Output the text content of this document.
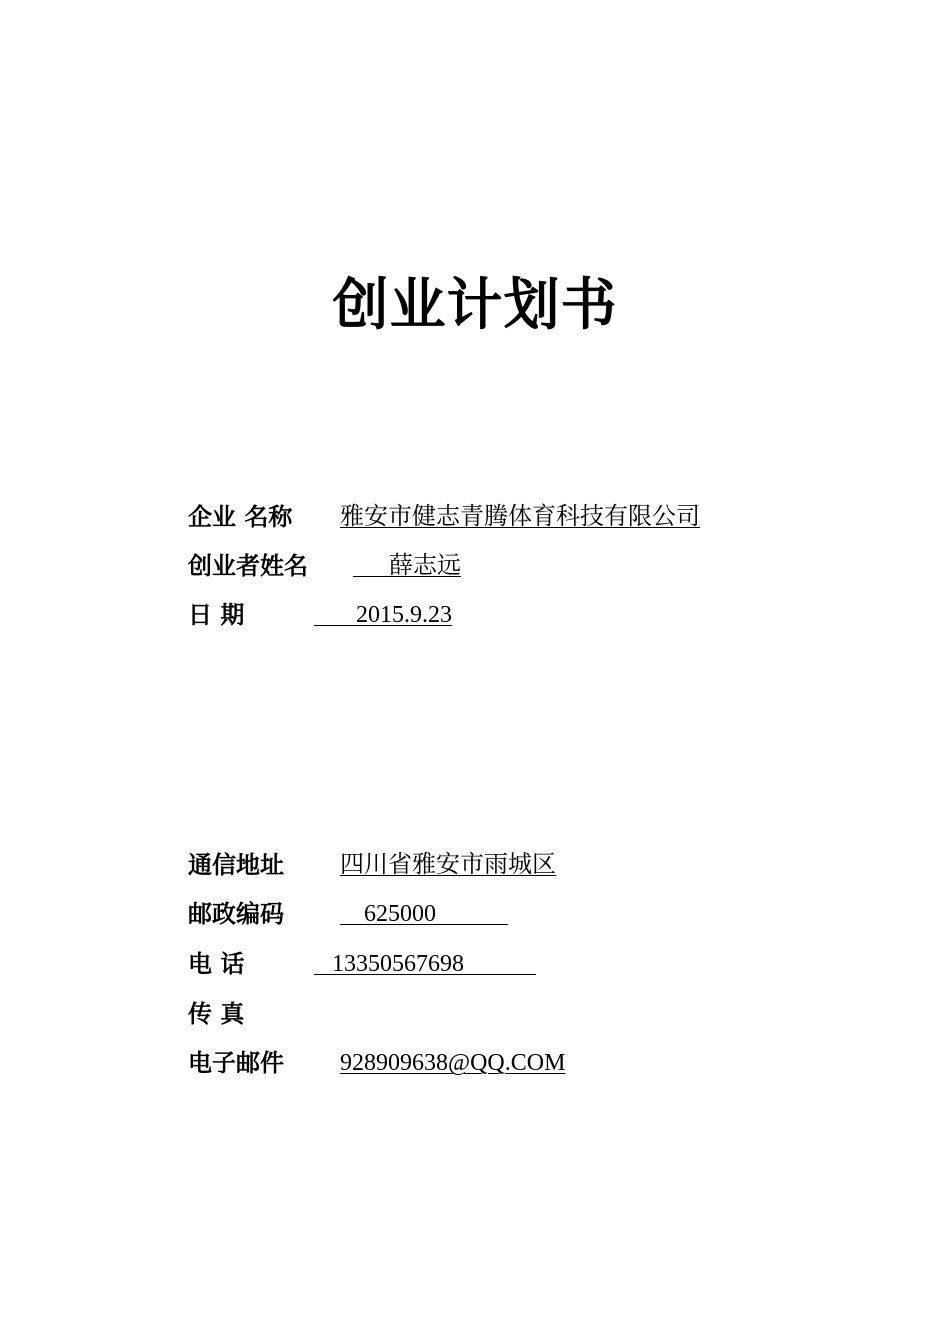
创业计划书
企业 名称 雅安市健志青腾体育科技有限公司
创业者姓名 薛志远
日 期	2015.9.23
通信地址 四川省雅安市雨城区
邮政编码 625000
电 话	13350567698
传 真
电子邮件 928909638@QQ.COM
